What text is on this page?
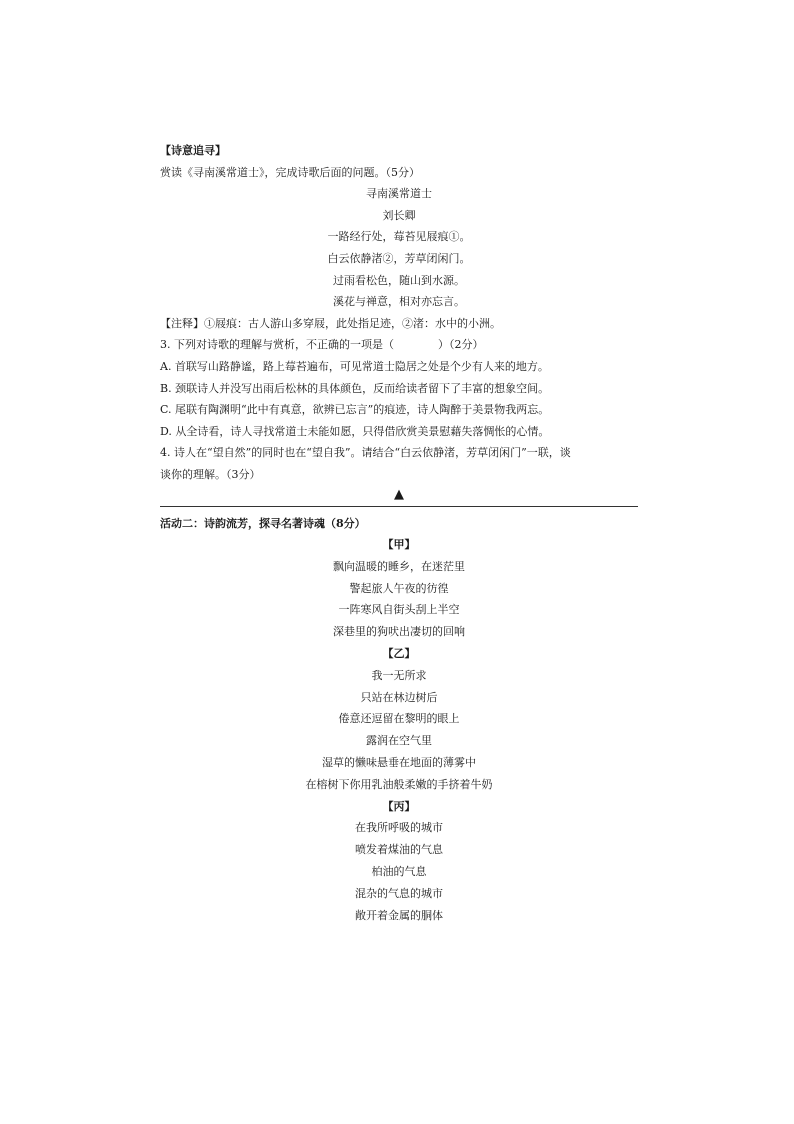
【诗意追寻】
赏读《寻南溪常道士》，完成诗歌后面的问题。（5分）
寻南溪常道士
刘长卿
一路经行处，莓苔见屐痕①。
白云依静渚②，芳草闭闲门。
过雨看松色，随山到水源。
溪花与禅意，相对亦忘言。
【注释】①屐痕：古人游山多穿屐，此处指足迹，②渚：水中的小洲。
3. 下列对诗歌的理解与赏析，不正确的一项是（　　　　）（2分）
A. 首联写山路静谧，路上莓苔遍布，可见常道士隐居之处是个少有人来的地方。
B. 颈联诗人并没写出雨后松林的具体颜色，反而给读者留下了丰富的想象空间。
C. 尾联有陶渊明“此中有真意，欲辨已忘言”的痕迹，诗人陶醉于美景物我两忘。
D. 从全诗看，诗人寻找常道士未能如愿，只得借欣赏美景慰藉失落惆怅的心情。
4. 诗人在“望自然”的同时也在“望自我”。请结合“白云依静渚，芳草闭闲门”一联，谈
谈你的理解。（3分）
▲
活动二：诗韵流芳，探寻名著诗魂（8分）
【甲】
飘向温暖的睡乡，在迷茫里
警起旅人午夜的彷徨
一阵寒风自街头刮上半空
深巷里的狗吠出凄切的回响
【乙】
我一无所求
只站在林边树后
倦意还逗留在黎明的眼上
露润在空气里
湿草的懒味悬垂在地面的薄雾中
在榕树下你用乳油般柔嫩的手挤着牛奶
【丙】
在我所呼吸的城市
喷发着煤油的气息
柏油的气息
混杂的气息的城市
敞开着金属的胴体
